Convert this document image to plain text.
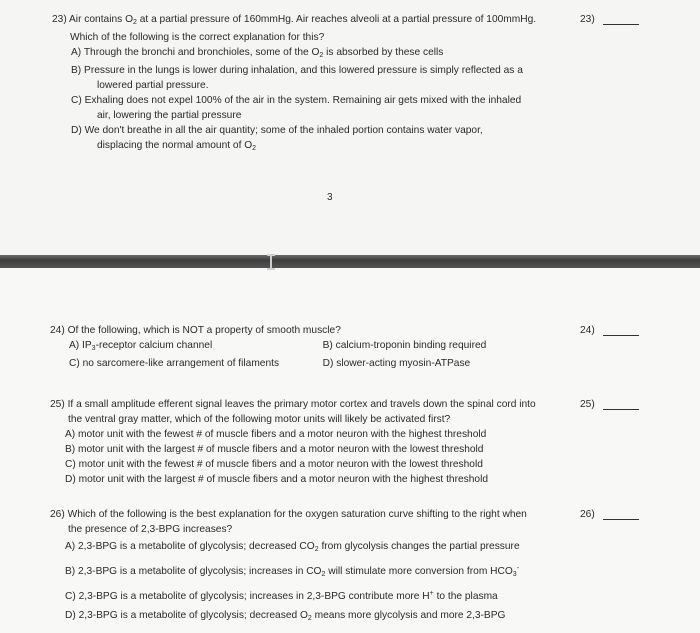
23) Air contains $O_2$ at a partial pressure of 160mmHg. Air reaches alveoli at a partial pressure of 100mmHg.
Which of the following is the correct explanation for this?
A) Through the bronchi and bronchioles, some of the $O_2$ is absorbed by these cells
B) Pressure in the lungs is lower during inhalation, and this lowered pressure is simply reflected as a
lowered partial pressure.
C) Exhaling does not expel 100% of the air in the system. Remaining air gets mixed with the inhaled
air, lowering the partial pressure
D) We don't breathe in all the air quantity; some of the inhaled portion contains water vapor,
displacing the normal amount of $O_2$
23)
3
24) Of the following, which is NOT a property of smooth muscle?
A) $IP_3$-receptor calcium channel	B) calcium-troponin binding required
C) no sarcomere-like arrangement of filaments	D) slower-acting myosin-ATPase
24)
25) If a small amplitude efferent signal leaves the primary motor cortex and travels down the spinal cord into
the ventral gray matter, which of the following motor units will likely be activated first?
A) motor unit with the fewest # of muscle fibers and a motor neuron with the highest threshold
B) motor unit with the largest # of muscle fibers and a motor neuron with the lowest threshold
C) motor unit with the fewest # of muscle fibers and a motor neuron with the lowest threshold
D) motor unit with the largest # of muscle fibers and a motor neuron with the highest threshold
25)
26) Which of the following is the best explanation for the oxygen saturation curve shifting to the right when
the presence of 2,3-BPG increases?
A) 2,3-BPG is a metabolite of glycolysis; decreased $CO_2$ from glycolysis changes the partial pressure
B) 2,3-BPG is a metabolite of glycolysis; increases in $CO_2$ will stimulate more conversion from $HCO_3^-$
C) 2,3-BPG is a metabolite of glycolysis; increases in 2,3-BPG contribute more H+ to the plasma
D) 2,3-BPG is a metabolite of glycolysis; decreased $O_2$ means more glycolysis and more 2,3-BPG
26)
